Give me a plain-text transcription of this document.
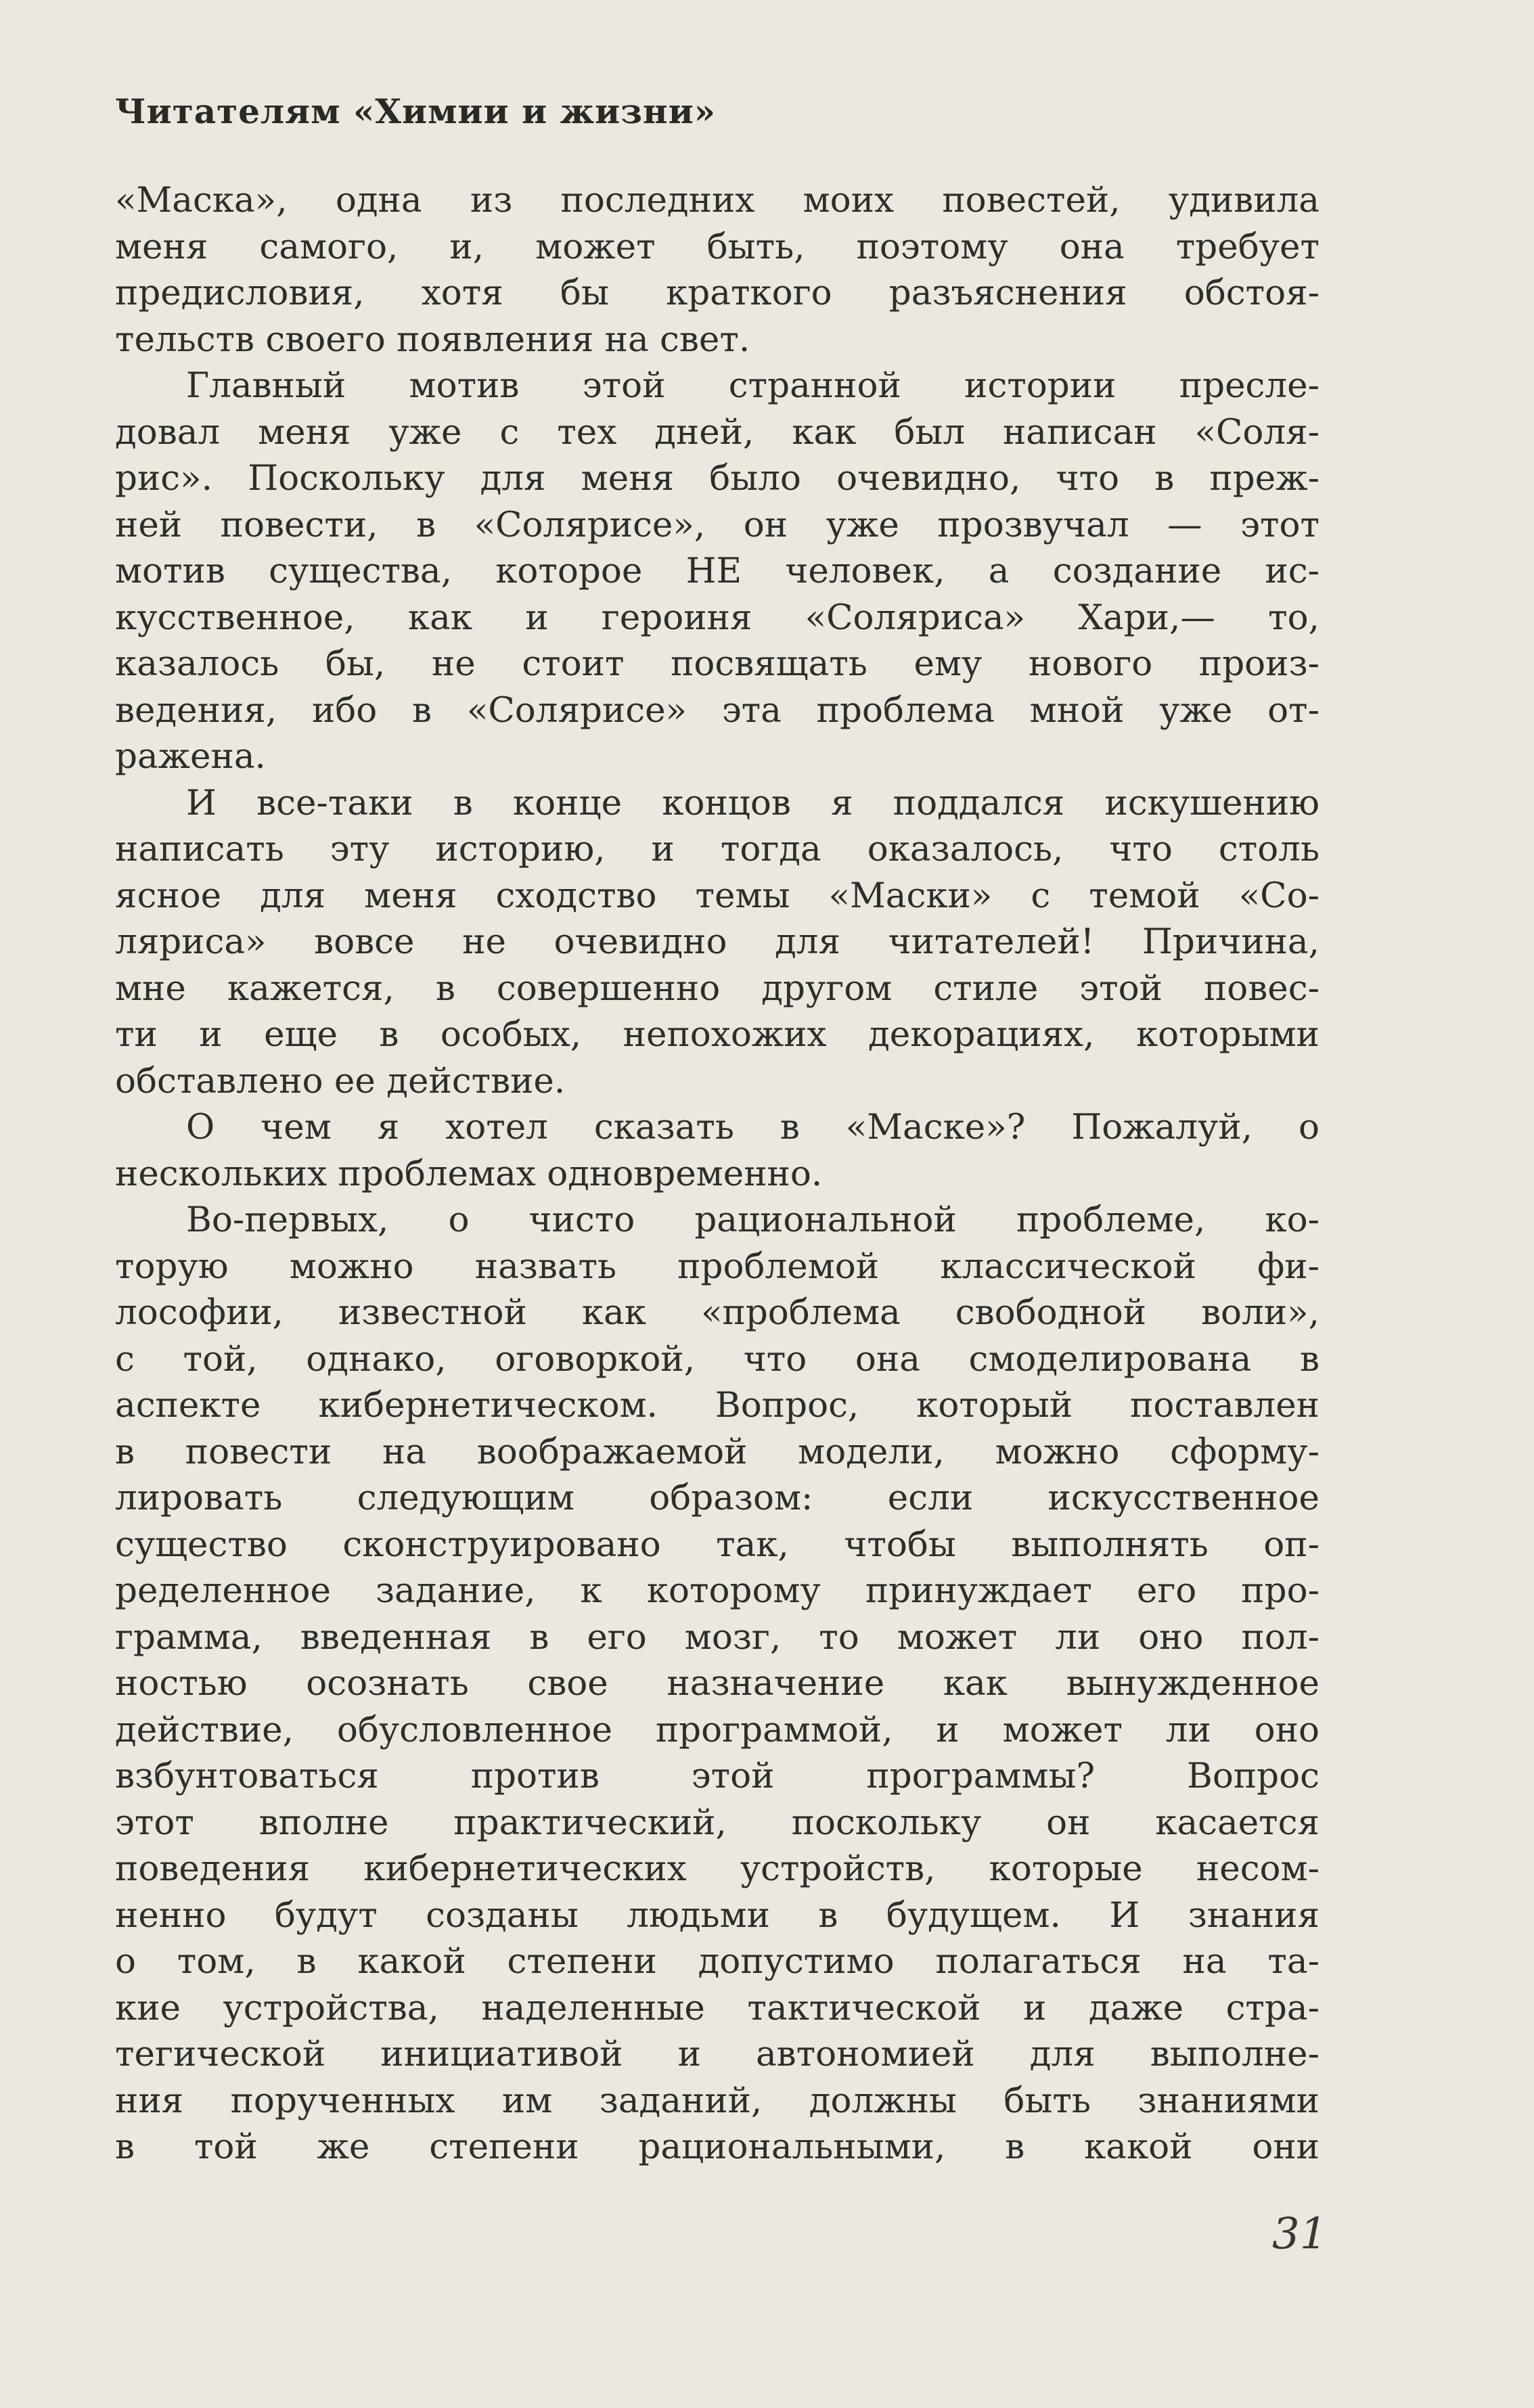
Читателям «Химии и жизни»
«Маска», одна из последних моих повестей, удивила
меня самого, и, может быть, поэтому она требует
предисловия, хотя бы краткого разъяснения обстоя-
тельств своего появления на свет.
Главный мотив этой странной истории пресле-
довал меня уже с тех дней, как был написан «Соля-
рис». Поскольку для меня было очевидно, что в преж-
ней повести, в «Солярисе», он уже прозвучал — этот
мотив существа, которое НЕ человек, а создание ис-
кусственное, как и героиня «Соляриса» Хари,— то,
казалось бы, не стоит посвящать ему нового произ-
ведения, ибо в «Солярисе» эта проблема мной уже от-
ражена.
И все-таки в конце концов я поддался искушению
написать эту историю, и тогда оказалось, что столь
ясное для меня сходство темы «Маски» с темой «Со-
ляриса» вовсе не очевидно для читателей! Причина,
мне кажется, в совершенно другом стиле этой повес-
ти и еще в особых, непохожих декорациях, которыми
обставлено ее действие.
О чем я хотел сказать в «Маске»? Пожалуй, о
нескольких проблемах одновременно.
Во-первых, о чисто рациональной проблеме, ко-
торую можно назвать проблемой классической фи-
лософии, известной как «проблема свободной воли»,
с той, однако, оговоркой, что она смоделирована в
аспекте кибернетическом. Вопрос, который поставлен
в повести на воображаемой модели, можно сформу-
лировать следующим образом: если искусственное
существо сконструировано так, чтобы выполнять оп-
ределенное задание, к которому принуждает его про-
грамма, введенная в его мозг, то может ли оно пол-
ностью осознать свое назначение как вынужденное
действие, обусловленное программой, и может ли оно
взбунтоваться против этой программы? Вопрос
этот вполне практический, поскольку он касается
поведения кибернетических устройств, которые несом-
ненно будут созданы людьми в будущем. И знания
о том, в какой степени допустимо полагаться на та-
кие устройства, наделенные тактической и даже стра-
тегической инициативой и автономией для выполне-
ния порученных им заданий, должны быть знаниями
в той же степени рациональными, в какой они
31
